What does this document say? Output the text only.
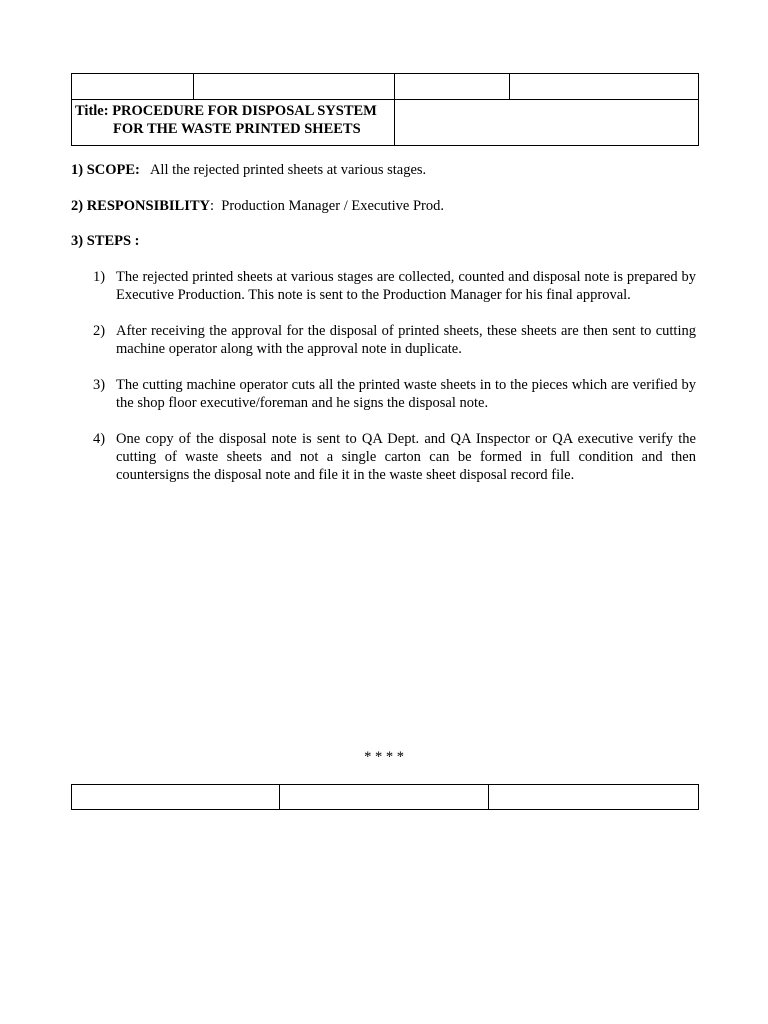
Title: PROCEDURE FOR DISPOSAL SYSTEM
FOR THE WASTE PRINTED SHEETS			

1) SCOPE: All the rejected printed sheets at various stages.
2) RESPONSIBILITY:  Production Manager / Executive Prod.
3) STEPS :
1) The rejected printed sheets at various stages are collected, counted and disposal note is prepared by Executive Production. This note is sent to the Production Manager for his final approval.
2) After receiving the approval for the disposal of printed sheets, these sheets are then sent to cutting machine operator along with the approval note in duplicate.
3) The cutting machine operator cuts all the printed waste sheets in to the pieces which are verified by the shop floor executive/foreman and he signs the disposal note.
4) One copy of the disposal note is sent to QA Dept. and QA Inspector or QA executive verify the cutting of waste sheets and not a single carton can be formed in full condition and then countersigns the disposal note and file it in the waste sheet disposal record file.
* * * *
